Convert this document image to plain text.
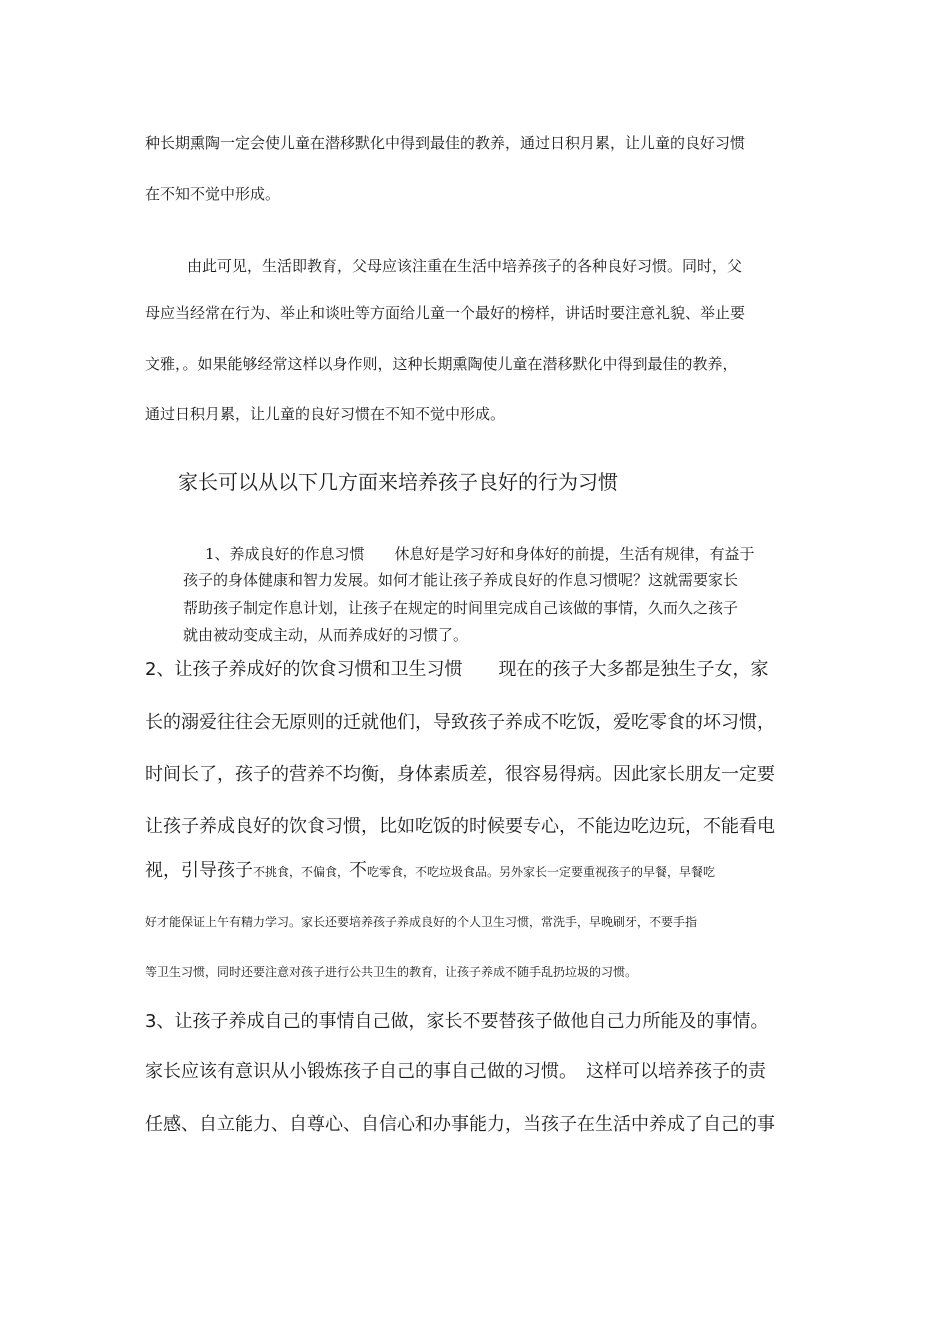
种长期熏陶一定会使儿童在潜移默化中得到最佳的教养，通过日积月累，让儿童的良好习惯
在不知不觉中形成。
由此可见，生活即教育，父母应该注重在生活中培养孩子的各种良好习惯。同时，父
母应当经常在行为、举止和谈吐等方面给儿童一个最好的榜样，讲话时要注意礼貌、举止要
文雅，。如果能够经常这样以身作则，这种长期熏陶使儿童在潜移默化中得到最佳的教养，
通过日积月累，让儿童的良好习惯在不知不觉中形成。
家长可以从以下几方面来培养孩子良好的行为习惯
1、养成良好的作息习惯　　休息好是学习好和身体好的前提，生活有规律，有益于
孩子的身体健康和智力发展。如何才能让孩子养成良好的作息习惯呢？这就需要家长
帮助孩子制定作息计划，让孩子在规定的时间里完成自己该做的事情，久而久之孩子
就由被动变成主动，从而养成好的习惯了。
2、让孩子养成好的饮食习惯和卫生习惯　　现在的孩子大多都是独生子女，家
长的溺爱往往会无原则的迁就他们，导致孩子养成不吃饭，爱吃零食的坏习惯，
时间长了，孩子的营养不均衡，身体素质差，很容易得病。因此家长朋友一定要
让孩子养成良好的饮食习惯，比如吃饭的时候要专心，不能边吃边玩，不能看电
视，引导孩子不挑食，不偏食，不吃零食，不吃垃圾食品。另外家长一定要重视孩子的早餐，早餐吃
好才能保证上午有精力学习。家长还要培养孩子养成良好的个人卫生习惯，常洗手，早晚刷牙，不要手指
等卫生习惯，同时还要注意对孩子进行公共卫生的教育，让孩子养成不随手乱扔垃圾的习惯。
3、让孩子养成自己的事情自己做，家长不要替孩子做他自己力所能及的事情。
家长应该有意识从小锻炼孩子自己的事自己做的习惯。　这样可以培养孩子的责
任感、自立能力、自尊心、自信心和办事能力，当孩子在生活中养成了自己的事
